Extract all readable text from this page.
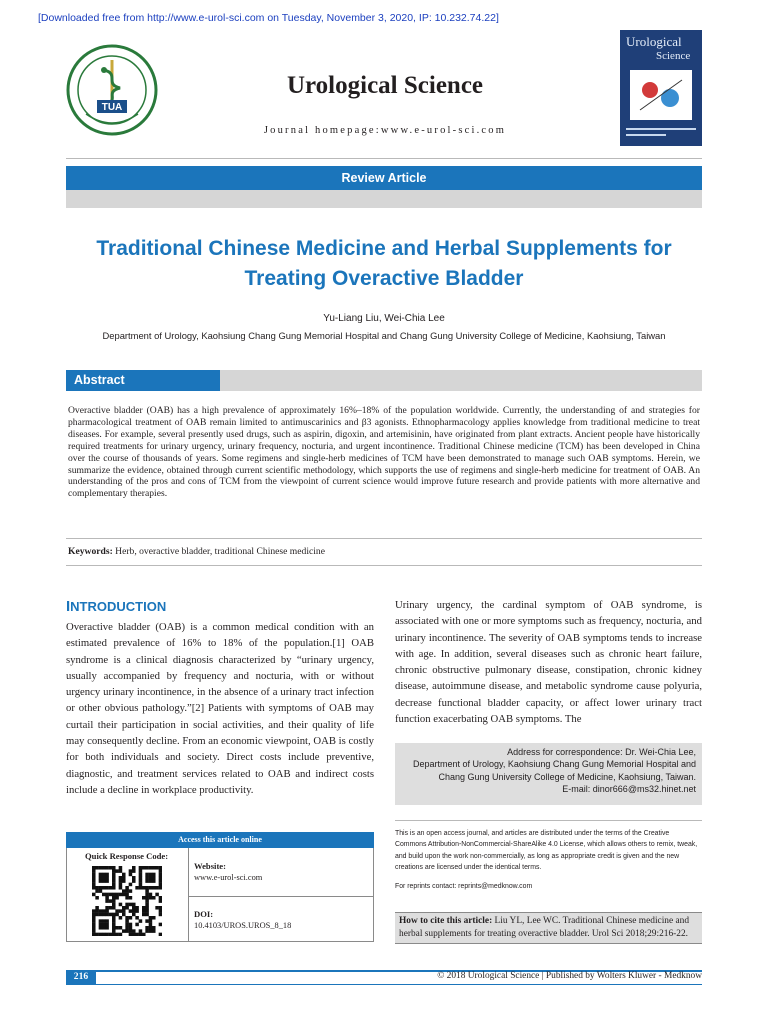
[Downloaded free from http://www.e-urol-sci.com on Tuesday, November 3, 2020, IP: 10.232.74.22]
TUA
Urological Science
Journal homepage:www.e-urol-sci.com
Urological
Science
Review Article
Traditional Chinese Medicine and Herbal Supplements for
Treating Overactive Bladder
Yu-Liang Liu, Wei-Chia Lee
Department of Urology, Kaohsiung Chang Gung Memorial Hospital and Chang Gung University College of Medicine, Kaohsiung, Taiwan
Abstract
Overactive bladder (OAB) has a high prevalence of approximately 16%–18% of the population worldwide. Currently, the understanding of and strategies for pharmacological treatment of OAB remain limited to antimuscarinics and β3 agonists. Ethnopharmacology applies knowledge from traditional medicine to treat diseases. For example, several presently used drugs, such as aspirin, digoxin, and artemisinin, have originated from plant extracts. Ancient people have historically required treatments for urinary urgency, urinary frequency, nocturia, and urgent incontinence. Traditional Chinese medicine (TCM) has been developed in China over the course of thousands of years. Some regimens and single-herb medicines of TCM have been demonstrated to manage such OAB symptoms. Herein, we summarize the evidence, obtained through current scientific methodology, which supports the use of regimens and single-herb medicine for treatment of OAB. An understanding of the pros and cons of TCM from the viewpoint of current science would improve future research and provide patients with more alternative and complementary therapies.
Keywords: Herb, overactive bladder, traditional Chinese medicine
INTRODUCTION
Overactive bladder (OAB) is a common medical condition with an estimated prevalence of 16% to 18% of the population.[1] OAB syndrome is a clinical diagnosis characterized by “urinary urgency, usually accompanied by frequency and nocturia, with or without urgency urinary incontinence, in the absence of a urinary tract infection or other obvious pathology.”[2] Patients with symptoms of OAB may curtail their participation in social activities, and their quality of life may consequently decline. From an economic viewpoint, OAB is costly for both individuals and society. Direct costs include preventive, diagnostic, and treatment services related to OAB and indirect costs include a decline in workplace productivity.
Access this article online
Quick Response Code:
Website:
www.e-urol-sci.com
DOI:
10.4103/UROS.UROS_8_18
Urinary urgency, the cardinal symptom of OAB syndrome, is associated with one or more symptoms such as frequency, nocturia, and urinary incontinence. The severity of OAB symptoms tends to increase with age. In addition, several diseases such as chronic heart failure, chronic obstructive pulmonary disease, constipation, chronic kidney disease, autoimmune disease, and metabolic syndrome cause polyuria, decrease functional bladder capacity, or affect lower urinary tract function exacerbating OAB symptoms. The
Address for correspondence: Dr. Wei-Chia Lee,
Department of Urology, Kaohsiung Chang Gung Memorial Hospital and
Chang Gung University College of Medicine, Kaohsiung, Taiwan.
E-mail: dinor666@ms32.hinet.net
This is an open access journal, and articles are distributed under the terms of the Creative Commons Attribution-NonCommercial-ShareAlike 4.0 License, which allows others to remix, tweak, and build upon the work non-commercially, as long as appropriate credit is given and the new creations are licensed under the identical terms.
For reprints contact: reprints@medknow.com
How to cite this article: Liu YL, Lee WC. Traditional Chinese medicine and herbal supplements for treating overactive bladder. Urol Sci 2018;29:216-22.
216	© 2018 Urological Science | Published by Wolters Kluwer - Medknow
